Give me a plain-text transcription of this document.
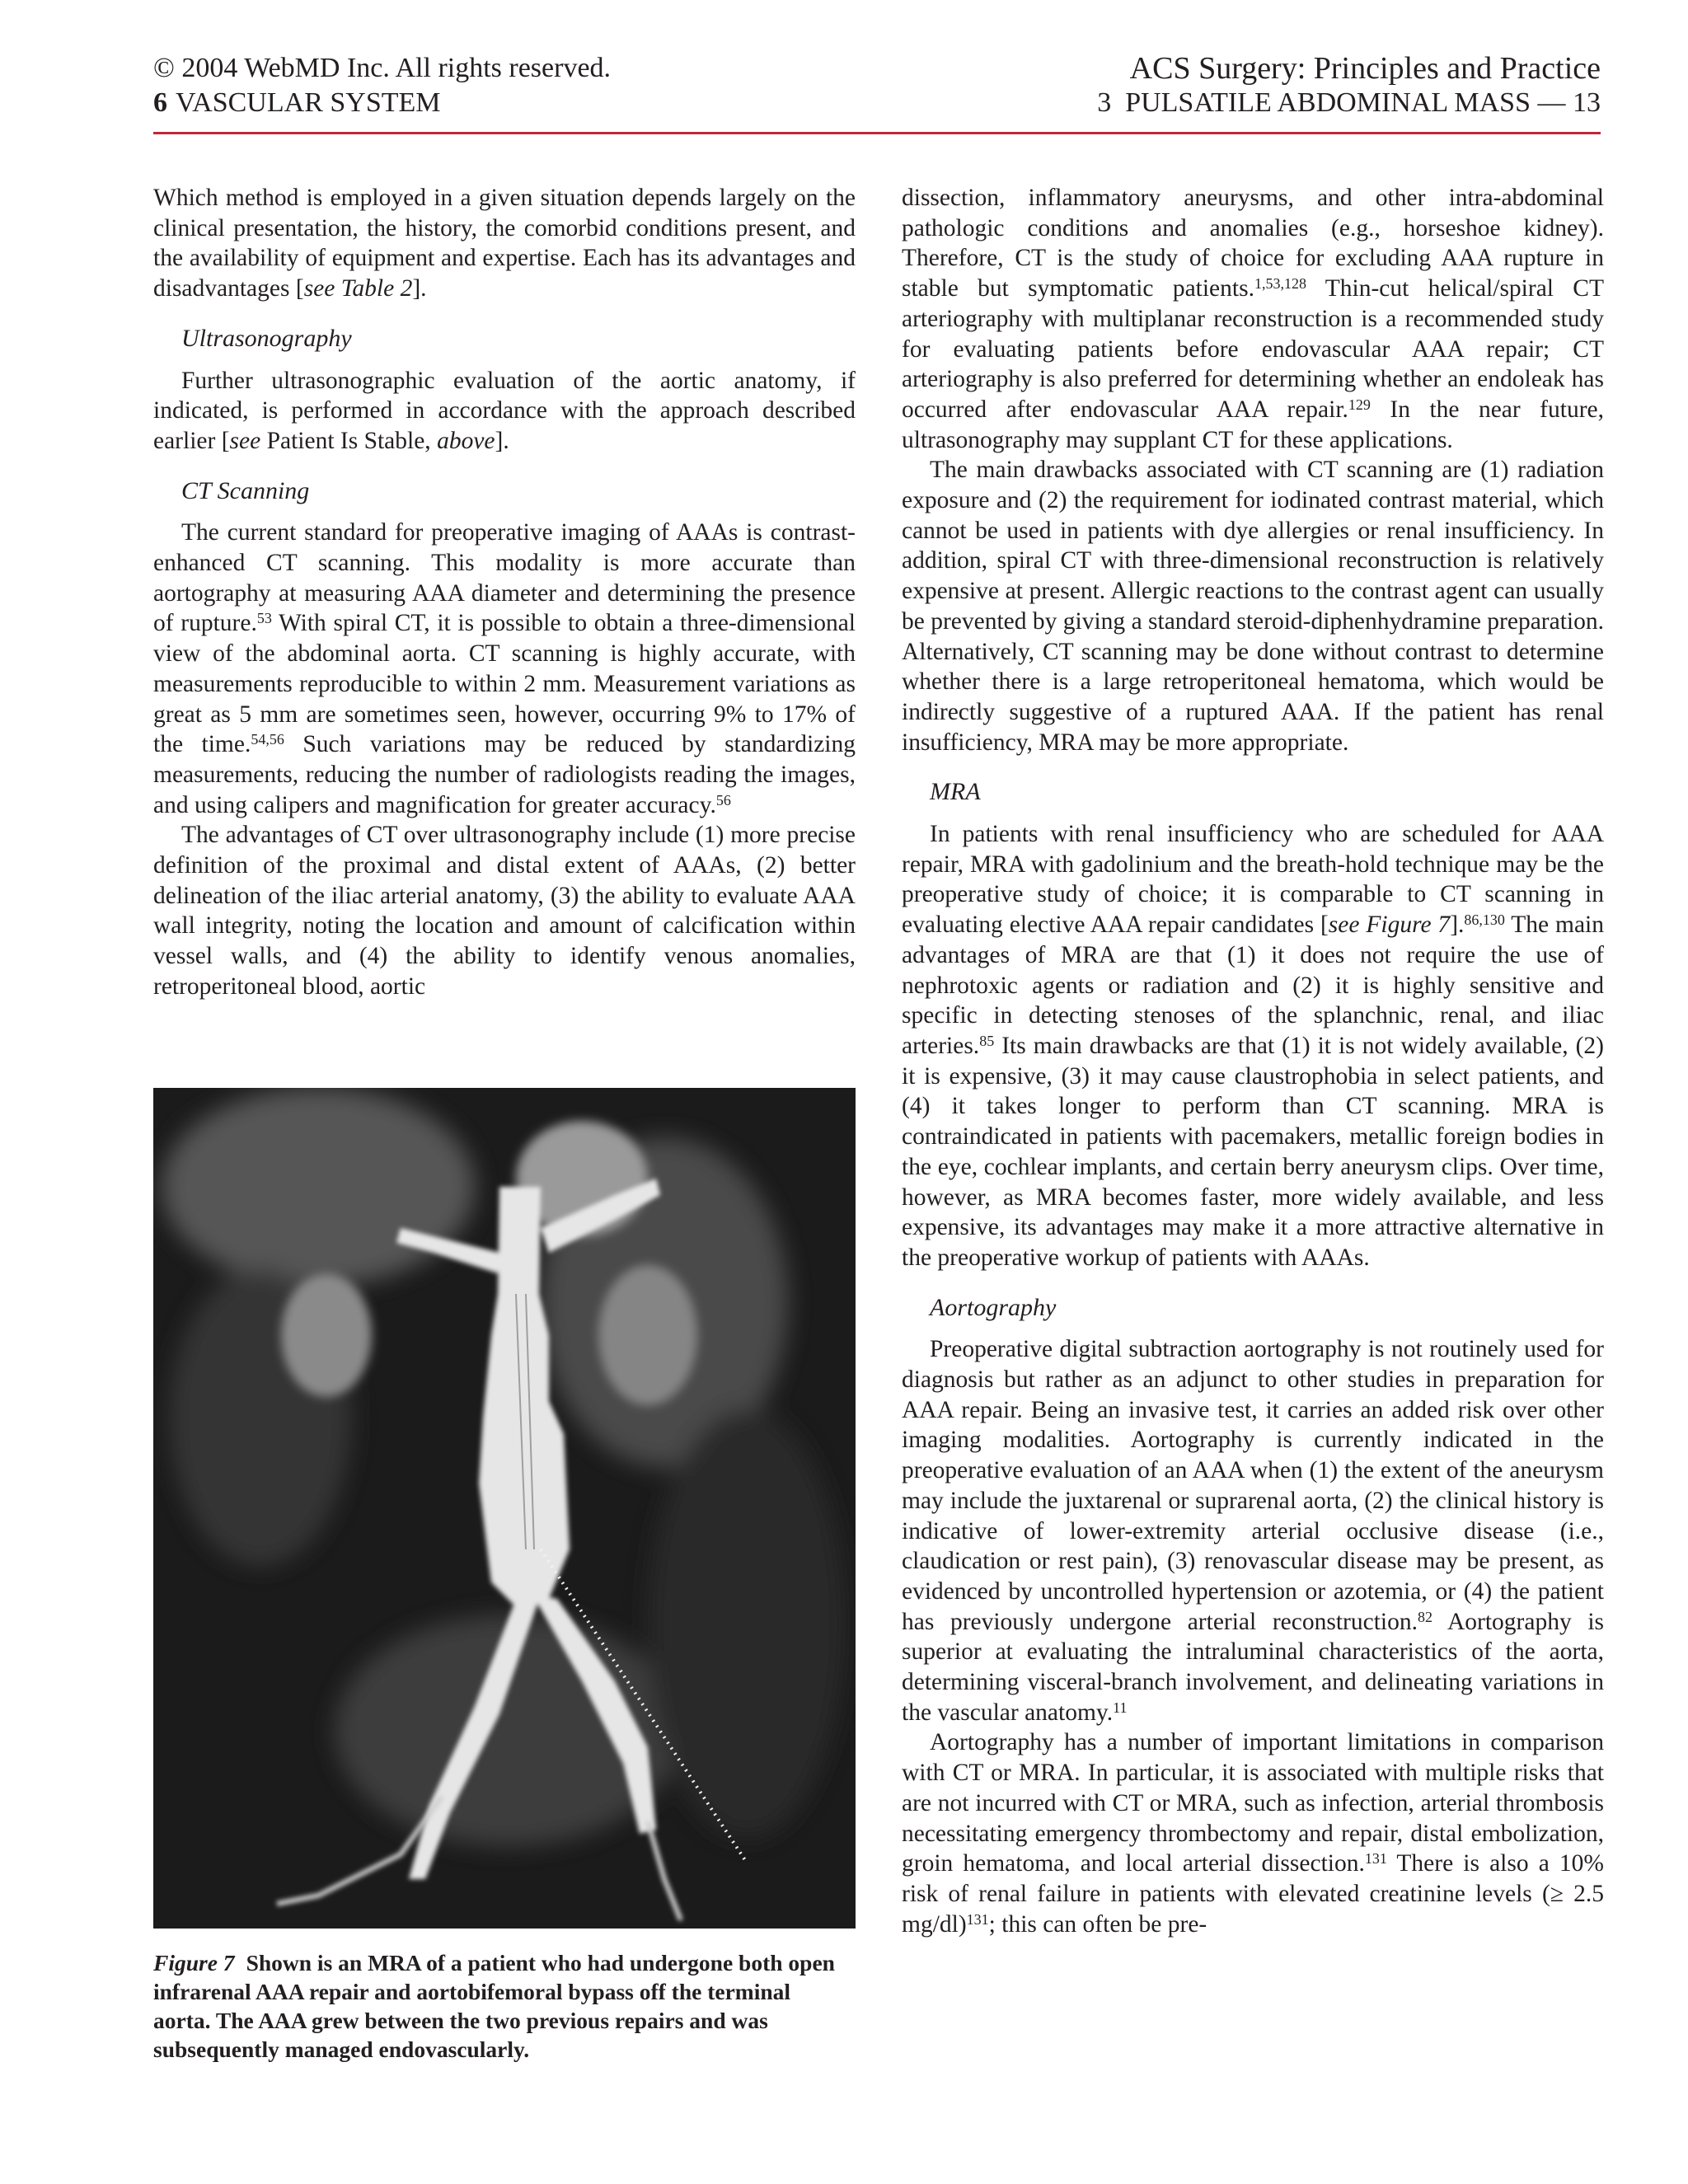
© 2004 WebMD Inc. All rights reserved.
6 VASCULAR SYSTEM
ACS Surgery: Principles and Practice
3 PULSATILE ABDOMINAL MASS — 13

Which method is employed in a given situation depends largely on the clinical presentation, the history, the comorbid conditions present, and the availability of equipment and expertise. Each has its advantages and disadvantages [see Table 2].

Ultrasonography

Further ultrasonographic evaluation of the aortic anatomy, if indicated, is performed in accordance with the approach described earlier [see Patient Is Stable, above].

CT Scanning

The current standard for preoperative imaging of AAAs is contrast-enhanced CT scanning. This modality is more accurate than aortography at measuring AAA diameter and determining the presence of rupture.$^{53}$ With spiral CT, it is possible to obtain a three-dimensional view of the abdominal aorta. CT scanning is highly accurate, with measurements reproducible to within 2 mm. Measurement variations as great as 5 mm are sometimes seen, however, occurring 9% to 17% of the time.$^{54,56}$ Such variations may be reduced by standardizing measurements, reducing the number of radiologists reading the images, and using calipers and magnification for greater accuracy.$^{56}$

The advantages of CT over ultrasonography include (1) more precise definition of the proximal and distal extent of AAAs, (2) better delineation of the iliac arterial anatomy, (3) the ability to evaluate AAA wall integrity, noting the location and amount of calcification within vessel walls, and (4) the ability to identify venous anomalies, retroperitoneal blood, aortic

Figure 7 Shown is an MRA of a patient who had undergone both open infrarenal AAA repair and aortobifemoral bypass off the terminal aorta. The AAA grew between the two previous repairs and was subsequently managed endovascularly.

dissection, inflammatory aneurysms, and other intra-abdominal pathologic conditions and anomalies (e.g., horseshoe kidney). Therefore, CT is the study of choice for excluding AAA rupture in stable but symptomatic patients.$^{1,53,128}$ Thin-cut helical/spiral CT arteriography with multiplanar reconstruction is a recommended study for evaluating patients before endovascular AAA repair; CT arteriography is also preferred for determining whether an endoleak has occurred after endovascular AAA repair.$^{129}$ In the near future, ultrasonography may supplant CT for these applications.

The main drawbacks associated with CT scanning are (1) radiation exposure and (2) the requirement for iodinated contrast material, which cannot be used in patients with dye allergies or renal insufficiency. In addition, spiral CT with three-dimensional reconstruction is relatively expensive at present. Allergic reactions to the contrast agent can usually be prevented by giving a standard steroid-diphenhydramine preparation. Alternatively, CT scanning may be done without contrast to determine whether there is a large retroperitoneal hematoma, which would be indirectly suggestive of a ruptured AAA. If the patient has renal insufficiency, MRA may be more appropriate.

MRA

In patients with renal insufficiency who are scheduled for AAA repair, MRA with gadolinium and the breath-hold technique may be the preoperative study of choice; it is comparable to CT scanning in evaluating elective AAA repair candidates [see Figure 7].$^{86,130}$ The main advantages of MRA are that (1) it does not require the use of nephrotoxic agents or radiation and (2) it is highly sensitive and specific in detecting stenoses of the splanchnic, renal, and iliac arteries.$^{85}$ Its main drawbacks are that (1) it is not widely available, (2) it is expensive, (3) it may cause claustrophobia in select patients, and (4) it takes longer to perform than CT scanning. MRA is contraindicated in patients with pacemakers, metallic foreign bodies in the eye, cochlear implants, and certain berry aneurysm clips. Over time, however, as MRA becomes faster, more widely available, and less expensive, its advantages may make it a more attractive alternative in the preoperative workup of patients with AAAs.

Aortography

Preoperative digital subtraction aortography is not routinely used for diagnosis but rather as an adjunct to other studies in preparation for AAA repair. Being an invasive test, it carries an added risk over other imaging modalities. Aortography is currently indicated in the preoperative evaluation of an AAA when (1) the extent of the aneurysm may include the juxtarenal or suprarenal aorta, (2) the clinical history is indicative of lower-extremity arterial occlusive disease (i.e., claudication or rest pain), (3) renovascular disease may be present, as evidenced by uncontrolled hypertension or azotemia, or (4) the patient has previously undergone arterial reconstruction.$^{82}$ Aortography is superior at evaluating the intraluminal characteristics of the aorta, determining visceral-branch involvement, and delineating variations in the vascular anatomy.$^{11}$

Aortography has a number of important limitations in comparison with CT or MRA. In particular, it is associated with multiple risks that are not incurred with CT or MRA, such as infection, arterial thrombosis necessitating emergency thrombectomy and repair, distal embolization, groin hematoma, and local arterial dissection.$^{131}$ There is also a 10% risk of renal failure in patients with elevated creatinine levels (≥ 2.5 mg/dl)$^{131}$; this can often be pre-
